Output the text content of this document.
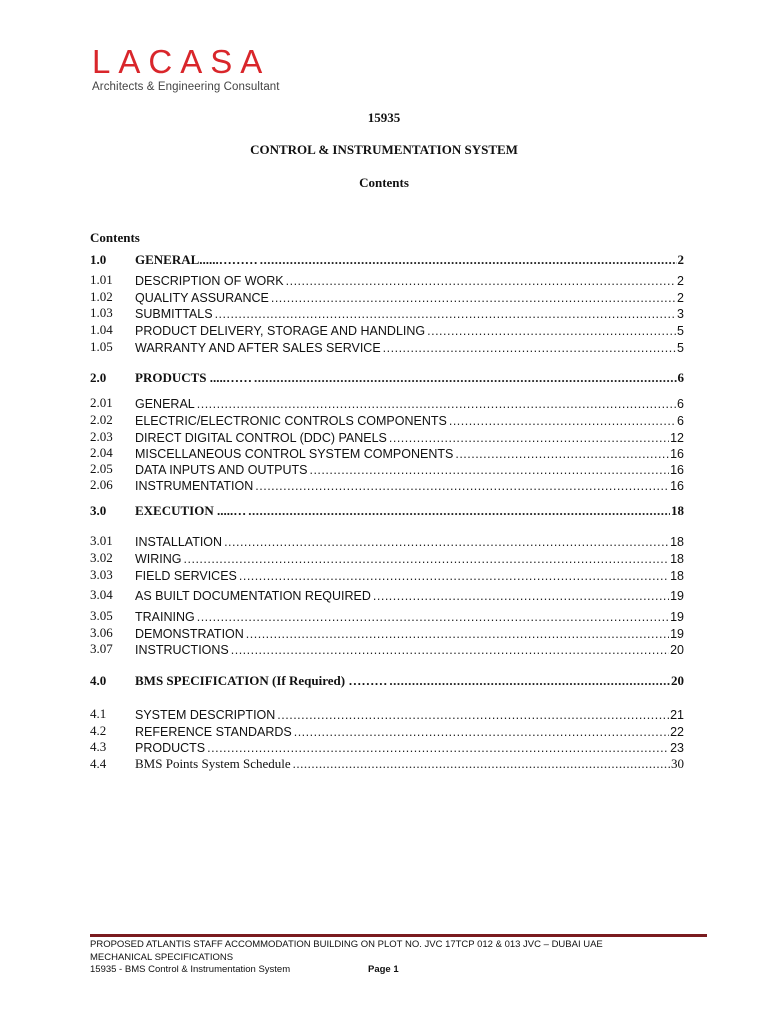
LACASA
Architects & Engineering Consultant
15935
CONTROL & INSTRUMENTATION SYSTEM
Contents
Contents
1.0	GENERAL......……… .....	2
1.01	DESCRIPTION OF WORK .....	2
1.02	QUALITY ASSURANCE .....	2
1.03	SUBMITTALS .....	3
1.04	PRODUCT DELIVERY, STORAGE AND HANDLING .....	5
1.05	WARRANTY AND AFTER SALES SERVICE .....	5
2.0	PRODUCTS .....…… .....	6
2.01	GENERAL .....	6
2.02	ELECTRIC/ELECTRONIC CONTROLS COMPONENTS .....	6
2.03	DIRECT DIGITAL CONTROL (DDC) PANELS .....	12
2.04	MISCELLANEOUS CONTROL SYSTEM COMPONENTS .....	16
2.05	DATA INPUTS AND OUTPUTS .....	16
2.06	INSTRUMENTATION .....	16
3.0	EXECUTION .....… .....	18
3.01	INSTALLATION .....	18
3.02	WIRING .....	18
3.03	FIELD SERVICES .....	18
3.04	AS BUILT DOCUMENTATION REQUIRED .....	19
3.05	TRAINING .....	19
3.06	DEMONSTRATION .....	19
3.07	INSTRUCTIONS .....	20
4.0	BMS SPECIFICATION (If Required) ……… .....	20
4.1	SYSTEM DESCRIPTION .....	21
4.2	REFERENCE STANDARDS .....	22
4.3	PRODUCTS .....	23
4.4	BMS Points System Schedule .....	30
PROPOSED ATLANTIS STAFF ACCOMMODATION BUILDING ON PLOT NO. JVC 17TCP 012 & 013 JVC – DUBAI UAE
MECHANICAL SPECIFICATIONS
15935 - BMS Control & Instrumentation System	Page 1
